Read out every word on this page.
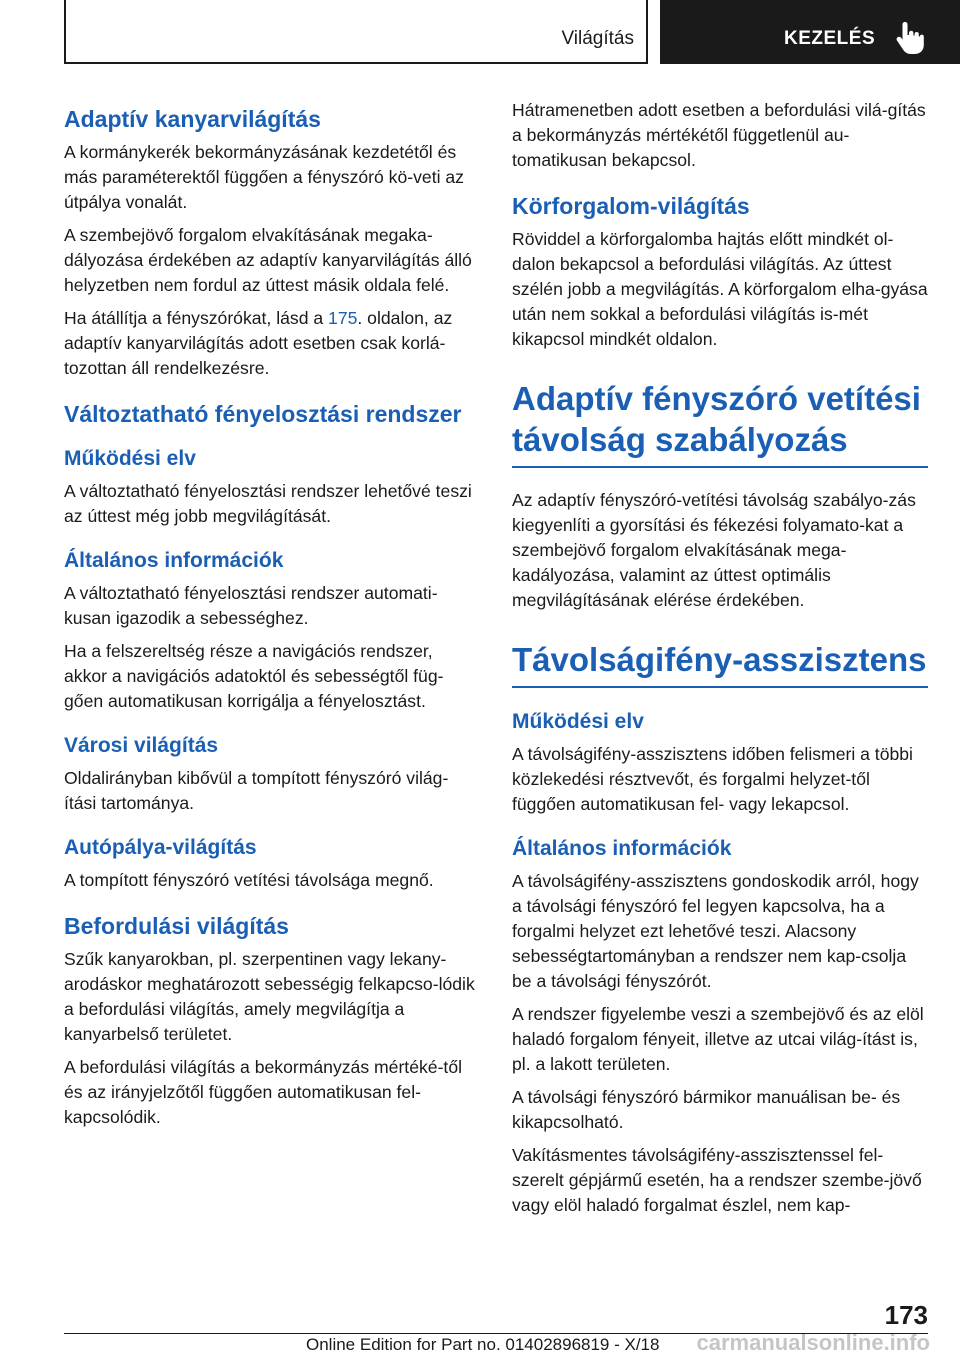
Világítás	KEZELÉS
Adaptív kanyarvilágítás

A kormánykerék bekormányzásának kezdetétől és más paraméterektől függően a fényszóró kö‐veti az útpálya vonalát.

A szembejövő forgalom elvakításának megaka‐dályozása érdekében az adaptív kanyarvilágítás álló helyzetben nem fordul az úttest másik oldala felé.

Ha átállítja a fényszórókat, lásd a 175. oldalon, az adaptív kanyarvilágítás adott esetben csak korlá‐tozottan áll rendelkezésre.

Változtatható fényelosztási rendszer
Működési elv

A változtatható fényelosztási rendszer lehetővé teszi az úttest még jobb megvilágítását.

Általános információk

A változtatható fényelosztási rendszer automati‐kusan igazodik a sebességhez.

Ha a felszereltség része a navigációs rendszer, akkor a navigációs adatoktól és sebességtől füg‐gően automatikusan korrigálja a fényelosztást.

Városi világítás

Oldalirányban kibővül a tompított fényszóró világ‐ítási tartománya.

Autópálya-világítás

A tompított fényszóró vetítési távolsága megnő.

Befordulási világítás

Szűk kanyarokban, pl. szerpentinen vagy lekany‐arodáskor meghatározott sebességig felkapcso‐lódik a befordulási világítás, amely megvilágítja a kanyarbelső területet.

A befordulási világítás a bekormányzás mértéké‐től és az irányjelzőtől függően automatikusan fel‐kapcsolódik.

Hátramenetben adott esetben a befordulási vilá‐gítás a bekormányzás mértékétől függetlenül au‐tomatikusan bekapcsol.

Körforgalom-világítás

Röviddel a körforgalomba hajtás előtt mindkét ol‐dalon bekapcsol a befordulási világítás. Az úttest szélén jobb a megvilágítás. A körforgalom elha‐gyása után nem sokkal a befordulási világítás is‐mét kikapcsol mindkét oldalon.

Adaptív fényszóró vetítési távolság szabályozás

Az adaptív fényszóró-vetítési távolság szabályo‐zás kiegyenlíti a gyorsítási és fékezési folyamato‐kat a szembejövő forgalom elvakításának mega‐kadályozása, valamint az úttest optimális megvilágításának elérése érdekében.

Távolságifény-asszisztens
Működési elv

A távolságifény-asszisztens időben felismeri a többi közlekedési résztvevőt, és forgalmi helyzet‐től függően automatikusan fel- vagy lekapcsol.

Általános információk

A távolságifény-asszisztens gondoskodik arról, hogy a távolsági fényszóró fel legyen kapcsolva, ha a forgalmi helyzet ezt lehetővé teszi. Alacsony sebességtartományban a rendszer nem kap‐csolja be a távolsági fényszórót.

A rendszer figyelembe veszi a szembejövő és az elöl haladó forgalom fényeit, illetve az utcai világ‐ítást is, pl. a lakott területen.

A távolsági fényszóró bármikor manuálisan be- és kikapcsolható.

Vakításmentes távolságifény-asszisztenssel fel‐szerelt gépjármű esetén, ha a rendszer szembe‐jövő vagy elöl haladó forgalmat észlel, nem kap‐

173
Online Edition for Part no. 01402896819 - X/18 carmanualsonline.info
